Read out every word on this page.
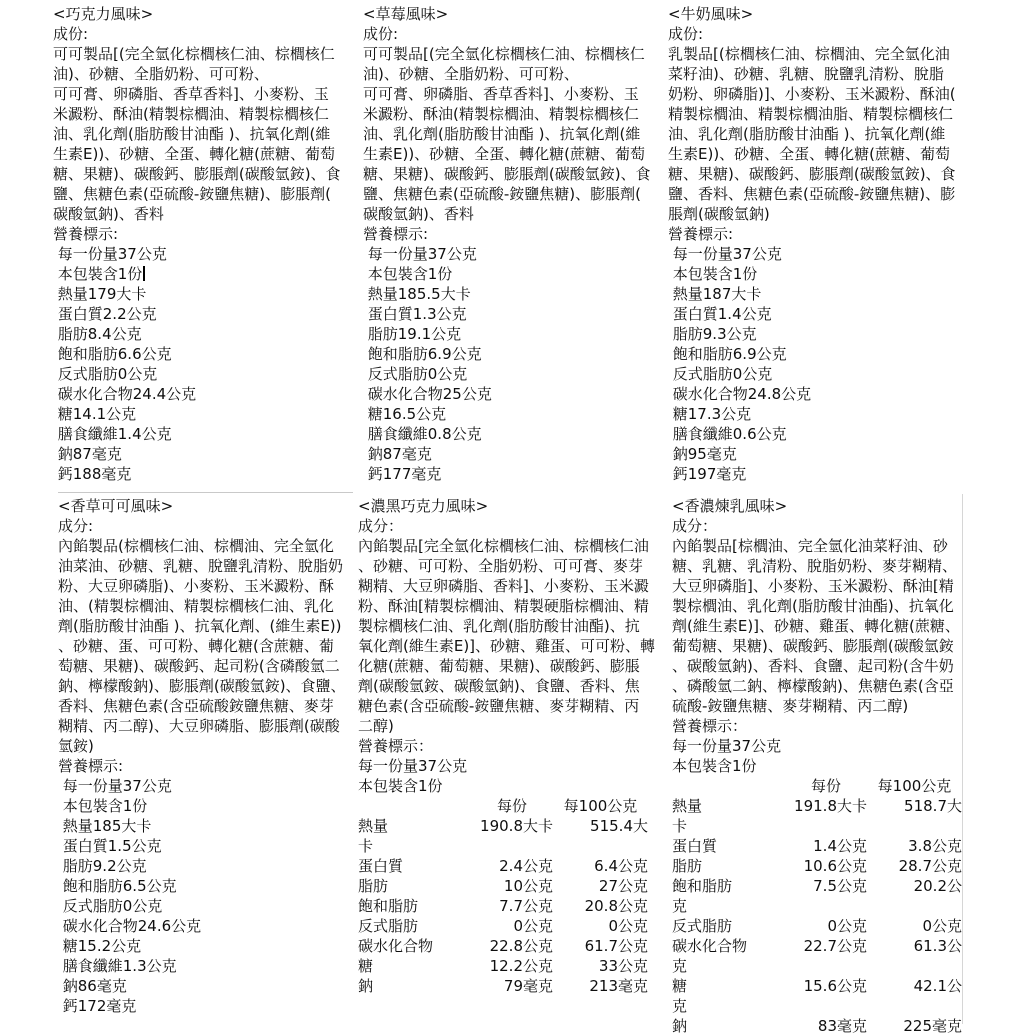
<巧克力風味>
成份:
可可製品[(完全氫化棕櫚核仁油、棕櫚核仁
油)、砂糖、全脂奶粉、可可粉、
可可膏、卵磷脂、香草香料]、小麥粉、玉
米澱粉、酥油(精製棕櫚油、精製棕櫚核仁
油、乳化劑(脂肪酸甘油酯 )、抗氧化劑(維
生素E))、砂糖、全蛋、轉化糖(蔗糖、葡萄
糖、果糖)、碳酸鈣、膨脹劑(碳酸氫銨)、食
鹽、焦糖色素(亞硫酸-銨鹽焦糖)、膨脹劑(
碳酸氫鈉)、香料
營養標示:
每一份量37公克
本包裝含1份
熱量179大卡
蛋白質2.2公克
脂肪8.4公克
飽和脂肪6.6公克
反式脂肪0公克
碳水化合物24.4公克
糖14.1公克
膳食纖維1.4公克
鈉87毫克
鈣188毫克
<草莓風味>
成份:
可可製品[(完全氫化棕櫚核仁油、棕櫚核仁
油)、砂糖、全脂奶粉、可可粉、
可可膏、卵磷脂、香草香料]、小麥粉、玉
米澱粉、酥油(精製棕櫚油、精製棕櫚核仁
油、乳化劑(脂肪酸甘油酯 )、抗氧化劑(維
生素E))、砂糖、全蛋、轉化糖(蔗糖、葡萄
糖、果糖)、碳酸鈣、膨脹劑(碳酸氫銨)、食
鹽、焦糖色素(亞硫酸-銨鹽焦糖)、膨脹劑(
碳酸氫鈉)、香料
營養標示:
每一份量37公克
本包裝含1份
熱量185.5大卡
蛋白質1.3公克
脂肪19.1公克
飽和脂肪6.9公克
反式脂肪0公克
碳水化合物25公克
糖16.5公克
膳食纖維0.8公克
鈉87毫克
鈣177毫克
<牛奶風味>
成份:
乳製品[(棕櫚核仁油、棕櫚油、完全氫化油
菜籽油)、砂糖、乳糖、脫鹽乳清粉、脫脂
奶粉、卵磷脂)]、小麥粉、玉米澱粉、酥油(
精製棕櫚油、精製棕櫚油脂、精製棕櫚核仁
油、乳化劑(脂肪酸甘油酯 )、抗氧化劑(維
生素E))、砂糖、全蛋、轉化糖(蔗糖、葡萄
糖、果糖)、碳酸鈣、膨脹劑(碳酸氫銨)、食
鹽、香料、焦糖色素(亞硫酸-銨鹽焦糖)、膨
脹劑(碳酸氫鈉)
營養標示:
每一份量37公克
本包裝含1份
熱量187大卡
蛋白質1.4公克
脂肪9.3公克
飽和脂肪6.9公克
反式脂肪0公克
碳水化合物24.8公克
糖17.3公克
膳食纖維0.6公克
鈉95毫克
鈣197毫克
<香草可可風味>
成分:
內餡製品(棕櫚核仁油、棕櫚油、完全氫化
油菜油、砂糖、乳糖、脫鹽乳清粉、脫脂奶
粉、大豆卵磷脂)、小麥粉、玉米澱粉、酥
油、(精製棕櫚油、精製棕櫚核仁油、乳化
劑(脂肪酸甘油酯 )、抗氧化劑、(維生素E))
、砂糖、蛋、可可粉、轉化糖(含蔗糖、葡
萄糖、果糖)、碳酸鈣、起司粉(含磷酸氫二
鈉、檸檬酸鈉)、膨脹劑(碳酸氫銨)、食鹽、
香料、焦糖色素(含亞硫酸銨鹽焦糖、麥芽
糊精、丙二醇)、大豆卵磷脂、膨脹劑(碳酸
氫銨)
營養標示:
每一份量37公克
本包裝含1份
熱量185大卡
蛋白質1.5公克
脂肪9.2公克
飽和脂肪6.5公克
反式脂肪0公克
碳水化合物24.6公克
糖15.2公克
膳食纖維1.3公克
鈉86毫克
鈣172毫克
<濃黑巧克力風味>
成分：
內餡製品[完全氫化棕櫚核仁油、棕櫚核仁油
、砂糖、可可粉、全脂奶粉、可可膏、麥芽
糊精、大豆卵磷脂、香料]、小麥粉、玉米澱
粉、酥油[精製棕櫚油、精製硬脂棕櫚油、精
製棕櫚核仁油、乳化劑(脂肪酸甘油酯)、抗
氧化劑(維生素E)]、砂糖、雞蛋、可可粉、轉
化糖(蔗糖、葡萄糖、果糖)、碳酸鈣、膨脹
劑(碳酸氫銨、碳酸氫鈉)、食鹽、香料、焦
糖色素(含亞硫酸-銨鹽焦糖、麥芽糊精、丙
二醇)
營養標示：
每一份量37公克
本包裝含1份
每份	每100公克
熱量	190.8大卡	515.4大
卡
蛋白質	2.4公克	6.4公克
脂肪	10公克	27公克
飽和脂肪	7.7公克	20.8公克
反式脂肪	0公克	0公克
碳水化合物	22.8公克	61.7公克
糖	12.2公克	33公克
鈉	79毫克	213毫克
<香濃煉乳風味>
成分：
內餡製品[棕櫚油、完全氫化油菜籽油、砂
糖、乳糖、乳清粉、脫脂奶粉、麥芽糊精、
大豆卵磷脂]、小麥粉、玉米澱粉、酥油[精
製棕櫚油、乳化劑(脂肪酸甘油酯)、抗氧化
劑(維生素E)]、砂糖、雞蛋、轉化糖(蔗糖、
葡萄糖、果糖)、碳酸鈣、膨脹劑(碳酸氫銨
、碳酸氫鈉)、香料、食鹽、起司粉(含牛奶
、磷酸氫二鈉、檸檬酸鈉)、焦糖色素(含亞
硫酸-銨鹽焦糖、麥芽糊精、丙二醇)
營養標示：
每一份量37公克
本包裝含1份
每份	每100公克
熱量	191.8大卡	518.7大
卡
蛋白質	1.4公克	3.8公克
脂肪	10.6公克	28.7公克
飽和脂肪	7.5公克	20.2公
克
反式脂肪	0公克	0公克
碳水化合物	22.7公克	61.3公
克
糖	15.6公克	42.1公
克
鈉	83毫克	225毫克
